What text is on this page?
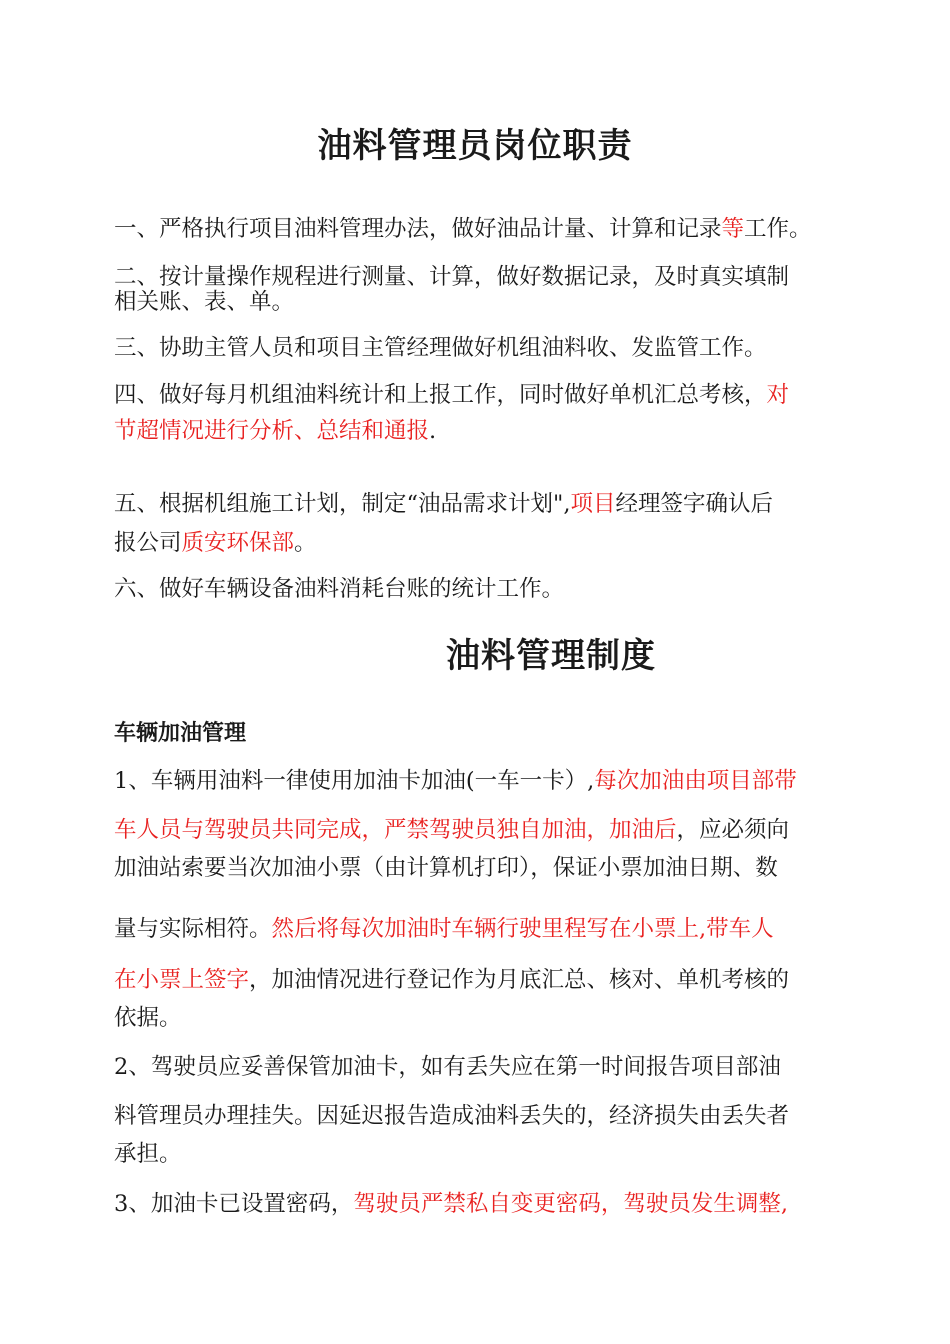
油料管理员岗位职责
一、严格执行项目油料管理办法，做好油品计量、计算和记录等工作。
二、按计量操作规程进行测量、计算，做好数据记录，及时真实填制
相关账、表、单。
三、协助主管人员和项目主管经理做好机组油料收、发监管工作。
四、做好每月机组油料统计和上报工作，同时做好单机汇总考核，对
节超情况进行分析、总结和通报.
五、根据机组施工计划，制定“油品需求计划",项目经理签字确认后
报公司质安环保部。
六、做好车辆设备油料消耗台账的统计工作。
油料管理制度
车辆加油管理
1、车辆用油料一律使用加油卡加油(一车一卡）,每次加油由项目部带
车人员与驾驶员共同完成，严禁驾驶员独自加油，加油后，应必须向
加油站索要当次加油小票（由计算机打印），保证小票加油日期、数
量与实际相符。然后将每次加油时车辆行驶里程写在小票上,带车人
在小票上签字，加油情况进行登记作为月底汇总、核对、单机考核的
依据。
2、驾驶员应妥善保管加油卡，如有丢失应在第一时间报告项目部油
料管理员办理挂失。因延迟报告造成油料丢失的，经济损失由丢失者
承担。
3、加油卡已设置密码，驾驶员严禁私自变更密码，驾驶员发生调整,
